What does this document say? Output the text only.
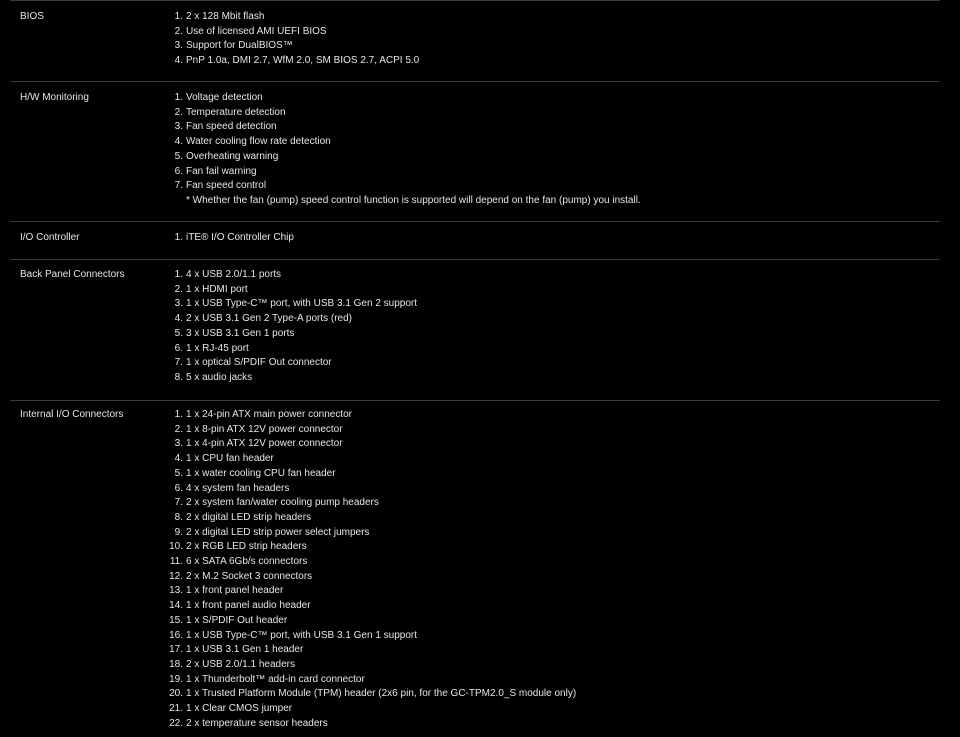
BIOS	1. 2 x 128 Mbit flash
2. Use of licensed AMI UEFI BIOS
3. Support for DualBIOS™
4. PnP 1.0a, DMI 2.7, WfM 2.0, SM BIOS 2.7, ACPI 5.0
H/W Monitoring	1. Voltage detection
2. Temperature detection
3. Fan speed detection
4. Water cooling flow rate detection
5. Overheating warning
6. Fan fail warning
7. Fan speed control
* Whether the fan (pump) speed control function is supported will depend on the fan (pump) you install.
I/O Controller	1. iTE® I/O Controller Chip
Back Panel Connectors	1. 4 x USB 2.0/1.1 ports
2. 1 x HDMI port
3. 1 x USB Type-C™ port, with USB 3.1 Gen 2 support
4. 2 x USB 3.1 Gen 2 Type-A ports (red)
5. 3 x USB 3.1 Gen 1 ports
6. 1 x RJ-45 port
7. 1 x optical S/PDIF Out connector
8. 5 x audio jacks
Internal I/O Connectors	1. 1 x 24-pin ATX main power connector
2. 1 x 8-pin ATX 12V power connector
3. 1 x 4-pin ATX 12V power connector
4. 1 x CPU fan header
5. 1 x water cooling CPU fan header
6. 4 x system fan headers
7. 2 x system fan/water cooling pump headers
8. 2 x digital LED strip headers
9. 2 x digital LED strip power select jumpers
10. 2 x RGB LED strip headers
11. 6 x SATA 6Gb/s connectors
12. 2 x M.2 Socket 3 connectors
13. 1 x front panel header
14. 1 x front panel audio header
15. 1 x S/PDIF Out header
16. 1 x USB Type-C™ port, with USB 3.1 Gen 1 support
17. 1 x USB 3.1 Gen 1 header
18. 2 x USB 2.0/1.1 headers
19. 1 x Thunderbolt™ add-in card connector
20. 1 x Trusted Platform Module (TPM) header (2x6 pin, for the GC-TPM2.0_S module only)
21. 1 x Clear CMOS jumper
22. 2 x temperature sensor headers
